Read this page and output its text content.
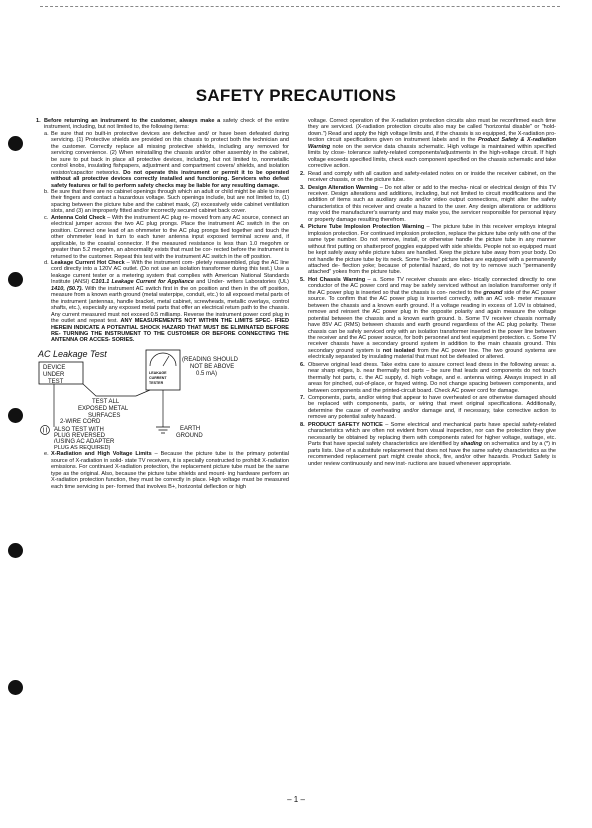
SAFETY PRECAUTIONS
1. Before returning an instrument to the customer, always make a safety check of the entire instrument, including, but not limited to, the following items:
a. Be sure that no built-in protective devices are defective and/ or have been defeated during servicing. (1) Protective shields are provided on this chassis to protect both the technician and the customer. Correctly replace all missing protective shields, including any removed for servicing convenience. (2) When reinstalling the chassis and/or other assembly in the cabinet, be sure to put back in place all protective devices, including, but not limited to, nonmetallic control knobs, insulating fishpapers, adjustment and compartment covers/ shields, and isolation resistor/capacitor networks. Do not operate this instrument or permit it to be operated without all protective devices correctly installed and functioning. Servicers who defeat safety features or fail to perform safety checks may be liable for any resulting damage.
b. Be sure that there are no cabinet openings through which an adult or child might be able to insert their fingers and contact a hazardous voltage. Such openings include, but are not limited to, (1) spacing between the picture tube and the cabinet mask, (2) excessively wide cabinet ventilation slots, and (3) an improperly fitted and/or incorrectly secured cabinet back cover.
c. Antenna Cold Check – With the instrument AC plug re- moved from any AC source, connect an electrical jumper across the two AC plug prongs. Place the instrument AC switch in the on position. Connect one lead of an ohmmeter to the AC plug prongs tied together and touch the other ohmmeter lead in turn to each tuner antenna input exposed terminal screw and, if applicable, to the coaxial connector. If the measured resistance is less than 1.0 megohm or greater than 5.2 megohm, an abnormality exists that must be cor- rected before the instrument is returned to the customer. Repeat this test with the instrument AC switch in the off position.
d. Leakage Current Hot Check – With the instrument com- pletely reassembled, plug the AC line cord directly into a 120V AC outlet. (Do not use an isolation transformer during this test.) Use a leakage current tester or a metering system that complies with American National Standards Institute (ANSI) C101.1 Leakage Current for Appliance and Under- writers Laboratories (UL) 1410, (50.7). With the instrument AC switch first in the on position and then in the off position, measure from a known earth ground (metal waterpipe, conduit, etc.) to all exposed metal parts of the instrument (antennas, handle bracket, metal cabinet, screwheads, metallic overlays, control shafts, etc.), especially any exposed metal parts that offer an electrical return path to the chassis. Any current measured must not exceed 0.5 milliamp. Reverse the instrument power cord plug in the outlet and repeat test. ANY MEASUREMENTS NOT WITHIN THE LIMITS SPEC- IFIED HEREIN INDICATE A POTENTIAL SHOCK HAZARD THAT MUST BE ELIMINATED BEFORE RE- TURNING THE INSTRUMENT TO THE CUSTOMER OR BEFORE CONNECTING THE ANTENNA OR ACCES- SORIES.
AC Leakage Test
DEVICE
UNDER
TEST
LEAKAGE
CURRENT
TESTER
(READING SHOULD
NOT BE ABOVE
0.5 mA)
TEST ALL
EXPOSED METAL
SURFACES
2-WIRE CORD
ALSO TEST WITH
PLUG REVERSED
(USING AC ADAPTER
EARTH
GROUND
PLUG AS REQUIRED)
e. X-Radiation and High Voltage Limits – Because the picture tube is the primary potential source of X-radiation in solid- state TV receivers, it is specially constructed to prohibit X-radiation emissions. For continued X-radiation protection, the replacement picture tube must be the same type as the original. Also, because the picture tube shields and mount- ing hardware perform an X-radiation protection function, they must be correctly in place. High voltage must be measured each time servicing is per- formed that involves B+, horizontal deflection or high
voltage. Correct operation of the X-radiation protection circuits also must be reconfirmed each time they are serviced. (X-radiation protection circuits also may be called "horizontal disable" or "hold-down.") Read and apply the high voltage limits and, if the chassis is so equipped, the X-radiation pro- tection circuit specifications given on instrument labels and in the Product Safety & X-radiation Warning note on the service data chassis schematic. High voltage is maintained within specified limits by close- tolerance safety-related components/adjustments in the high-voltage circuit. If high voltage exceeds specified limits, check each component specified on the chassis schematic and take corrective action.
2. Read and comply with all caution and safety-related notes on or inside the receiver cabinet, on the receiver chassis, or on the picture tube.
3. Design Alteration Warning – Do not alter or add to the mecha- nical or electrical design of this TV receiver. Design alterations and additions, including, but not limited to circuit modifications and the addition of items such as auxiliary audio and/or video output connections, might alter the safety characteristics of this receiver and create a hazard to the user. Any design alterations or additions may void the manufacturer's warranty and may make you, the servicer responsible for personal injury or property damage resulting therefrom.
4. Picture Tube Implosion Protection Warning – The picture tube in this receiver employs integral implosion protection. For continued implosion protection, replace the picture tube only with one of the same type number. Do not remove, install, or otherwise handle the picture tube in any manner without first putting on shatterproof goggles equipped with side shields. People not so equipped must be kept safely away while picture tubes are handled. Keep the picture tube away from your body. Do not handle the picture tube by its neck. Some "in-line" picture tubes are equipped with a permanently attached de- flection yoke; because of potential hazard, do not try to remove such "permanently attached" yokes from the picture tube.
5. Hot Chassis Warning – a. Some TV receiver chassis are elec- trically connected directly to one conductor of the AC power cord and may be safely serviced without an isolation transformer only if the AC power plug is inserted so that the chassis is con- nected to the ground side of the AC power source. To confirm that the AC power plug is inserted correctly, with an AC volt- meter measure between the chassis and a known earth ground. If a voltage reading in excess of 1.0V is obtained, remove and reinsert the AC power plug in the opposite polarity and again measure the voltage potential between the chassis and a known earth ground. b. Some TV receiver chassis normally have 85V AC (RMS) between chassis and earth ground regardless of the AC plug polarity. These chassis can be safely serviced only with an isolation transformer inserted in the power line between the receiver and the AC power source, for both personnel and test equipment protection. c. Some TV receiver chassis have a secondary ground system in addition to the main chassis ground. This secondary ground system is not isolated from the AC power line. The two ground systems are electrically separated by insulating material that must not be defeated or altered.
6. Observe original lead dress. Take extra care to assure correct lead dress in the following areas: a. near sharp edges, b. near thermally hot parts – be sure that leads and components do not touch thermally hot parts, c. the AC supply, d. high voltage, and e. antenna wiring. Always inspect in all areas for pinched, out-of-place, or frayed wiring. Do not change spacing between components, and between components and the printed-circuit board. Check AC power cord for damage.
7. Components, parts, and/or wiring that appear to have overheated or are otherwise damaged should be replaced with components, parts, or wiring that meet original specifications. Additionally, determine the cause of overheating and/or damage and, if necessary, take corrective action to remove any potential safety hazard.
8. PRODUCT SAFETY NOTICE – Some electrical and mechanical parts have special safety-related characteristics which are often not evident from visual inspection, nor can the protection they give necessarily be obtained by replacing them with components rated for higher voltage, wattage, etc. Parts that have special safety characteristics are identified by shading on schematics and by a (*) in parts lists. Use of a substitute replacement that does not have the same safety characteristics as the recommended replacement part might create shock, fire, and/or other hazards. Product Safety is under review continuously and new inst- ructions are issued whenever appropriate.
– 1 –
